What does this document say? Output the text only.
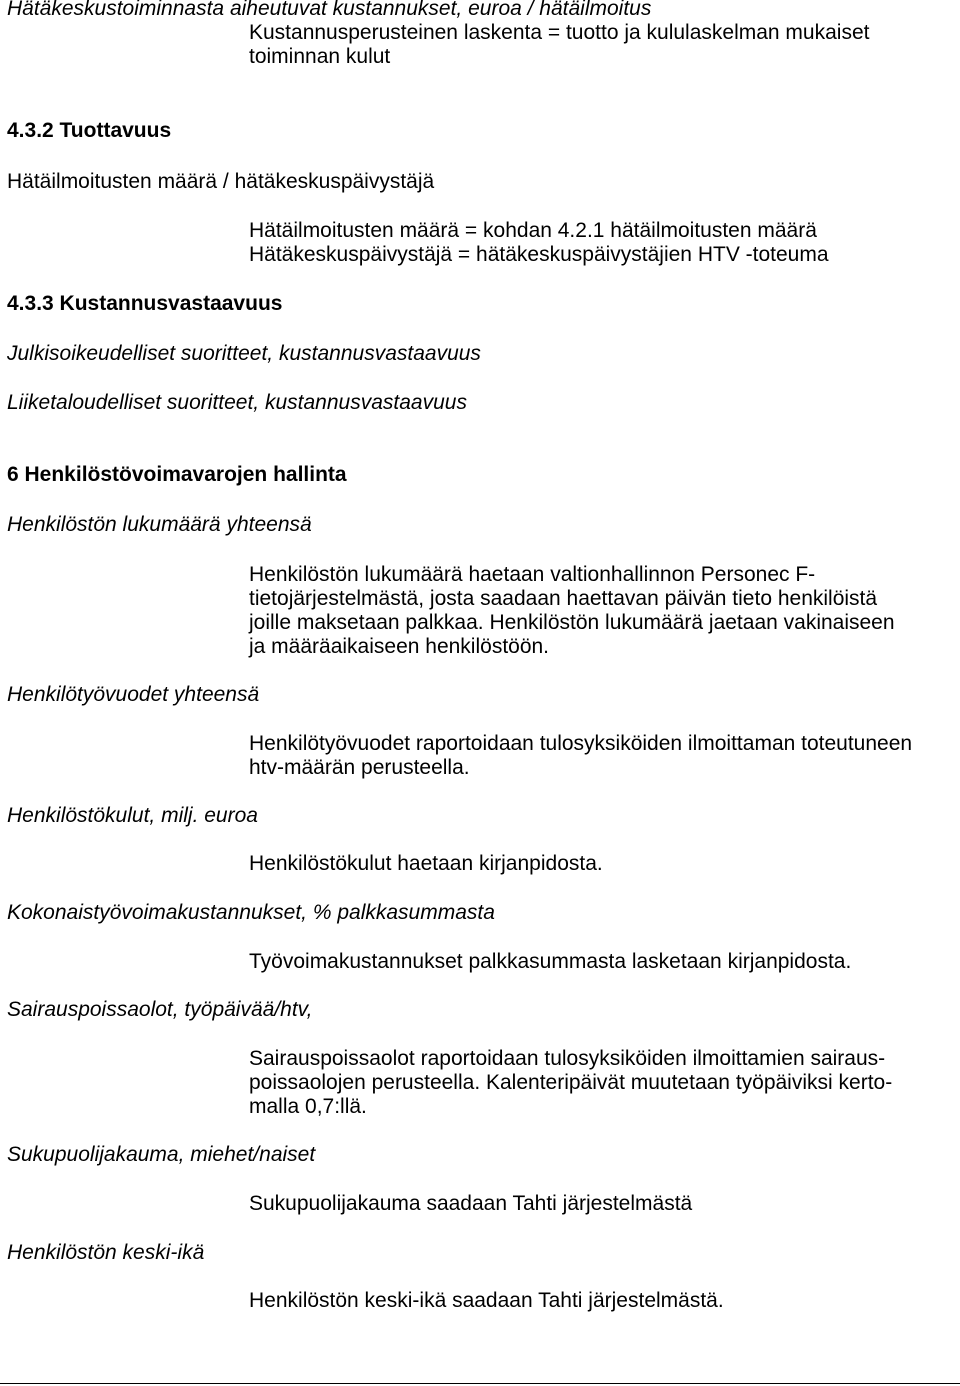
Hätäkeskustoiminnasta aiheutuvat kustannukset, euroa / hätäilmoitus

Kustannusperusteinen laskenta = tuotto ja kululaskelman mukaiset

toiminnan kulut

4.3.2 Tuottavuus

Hätäilmoitusten määrä / hätäkeskuspäivystäjä

Hätäilmoitusten määrä = kohdan 4.2.1 hätäilmoitusten määrä

Hätäkeskuspäivystäjä = hätäkeskuspäivystäjien HTV -toteuma

4.3.3 Kustannusvastaavuus

Julkisoikeudelliset suoritteet, kustannusvastaavuus

Liiketaloudelliset suoritteet, kustannusvastaavuus

6 Henkilöstövoimavarojen hallinta

Henkilöstön lukumäärä yhteensä

Henkilöstön lukumäärä haetaan valtionhallinnon Personec F-

tietojärjestelmästä, josta saadaan haettavan päivän tieto henkilöistä

joille maksetaan palkkaa. Henkilöstön lukumäärä jaetaan vakinaiseen

ja määräaikaiseen henkilöstöön.

Henkilötyövuodet yhteensä

Henkilötyövuodet raportoidaan tulosyksiköiden ilmoittaman toteutuneen

htv-määrän perusteella.

Henkilöstökulut, milj. euroa

Henkilöstökulut haetaan kirjanpidosta.

Kokonaistyövoimakustannukset, % palkkasummasta

Työvoimakustannukset palkkasummasta lasketaan kirjanpidosta.

Sairauspoissaolot, työpäivää/htv,

Sairauspoissaolot raportoidaan tulosyksiköiden ilmoittamien sairaus-

poissaolojen perusteella. Kalenteripäivät muutetaan työpäiviksi kerto-

malla 0,7:llä.

Sukupuolijakauma, miehet/naiset

Sukupuolijakauma saadaan Tahti järjestelmästä

Henkilöstön keski-ikä

Henkilöstön keski-ikä saadaan Tahti järjestelmästä.
